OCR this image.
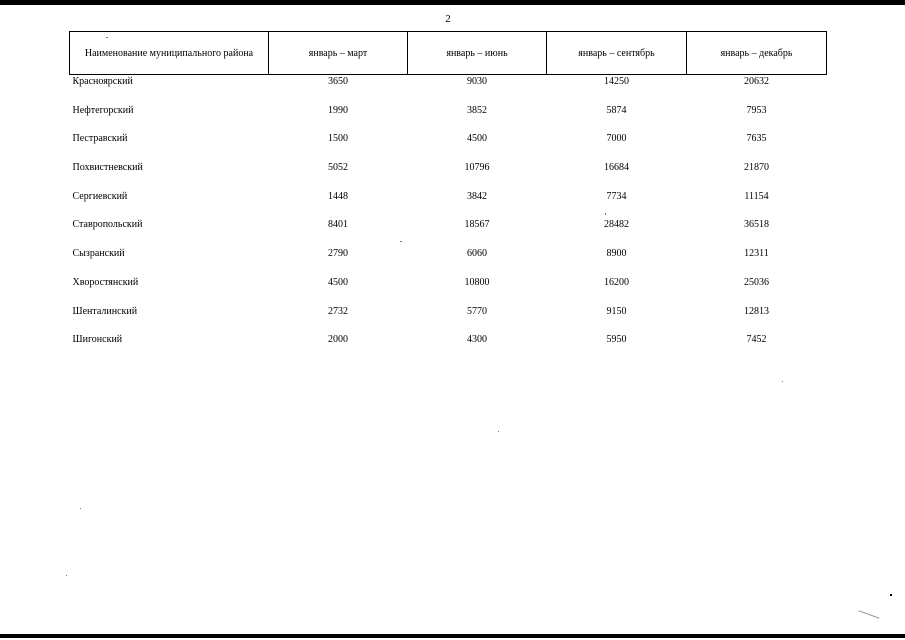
2
Наименование муниципального района	январь – март	январь – июнь	январь – сентябрь	январь – декабрь
Красноярский	3650	9030	14250	20632
Нефтегорский	1990	3852	5874	7953
Пестравский	1500	4500	7000	7635
Похвистневский	5052	10796	16684	21870
Сергиевский	1448	3842	7734	11154
Ставропольский	8401	18567	28482	36518
Сызранский	2790	6060	8900	12311
Хворостянский	4500	10800	16200	25036
Шенталинский	2732	5770	9150	12813
Шигонский	2000	4300	5950	7452
